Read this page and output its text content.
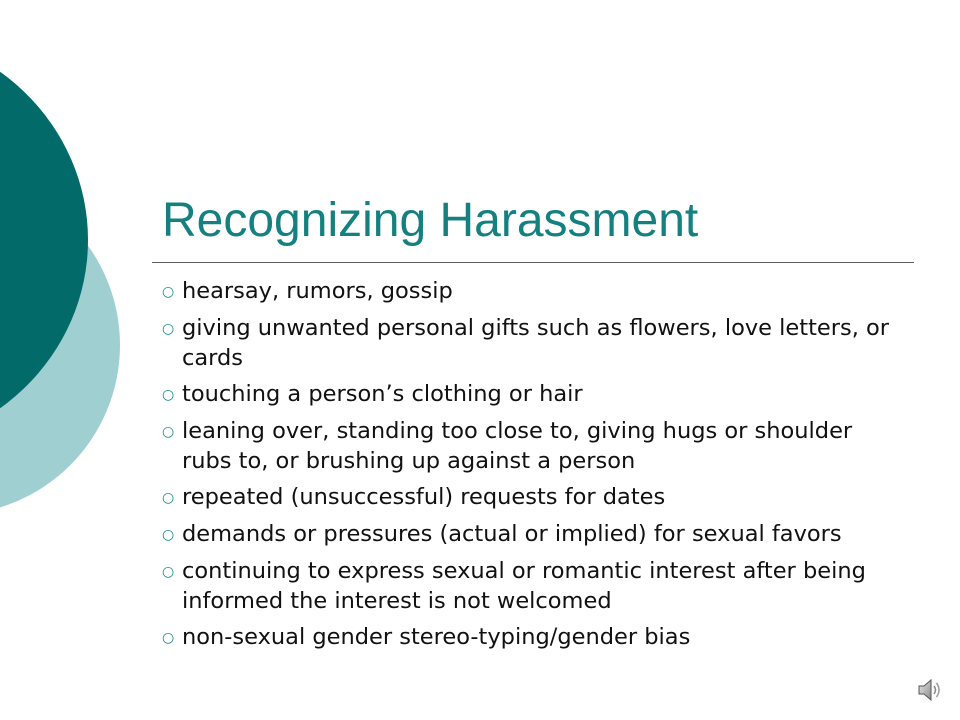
Recognizing Harassment
○ hearsay, rumors, gossip
○ giving unwanted personal gifts such as flowers, love letters, or cards
○ touching a person’s clothing or hair
○ leaning over, standing too close to, giving hugs or shoulder rubs to, or brushing up against a person
○ repeated (unsuccessful) requests for dates
○ demands or pressures (actual or implied) for sexual favors
○ continuing to express sexual or romantic interest after being informed the interest is not welcomed
○ non-sexual gender stereo-typing/gender bias
